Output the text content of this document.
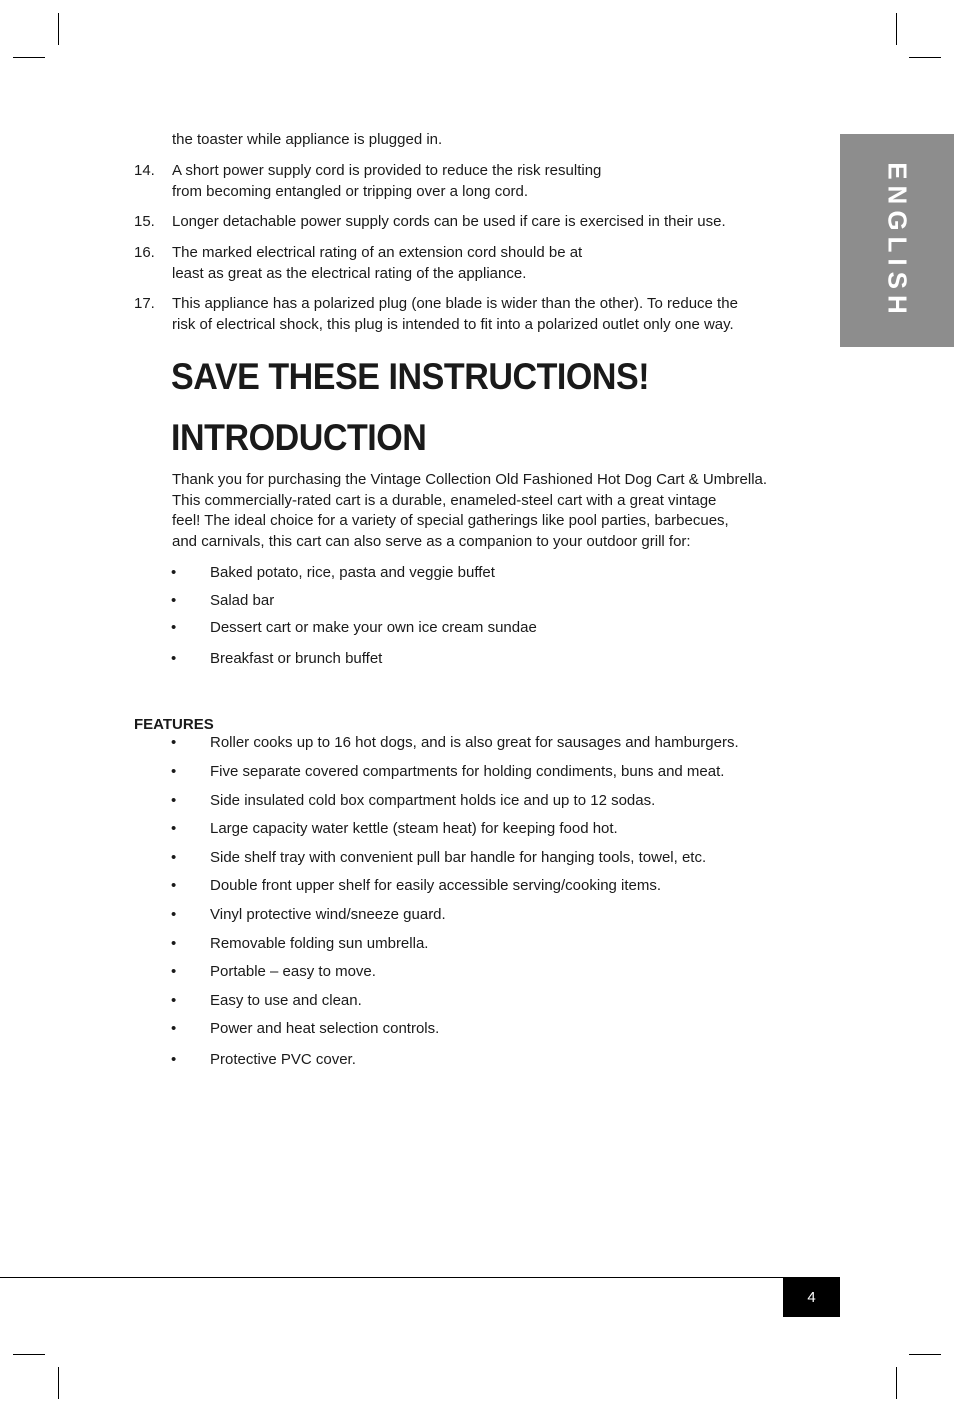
ENGLISH
the toaster while appliance is plugged in.
14. A short power supply cord is provided to reduce the risk resulting
from becoming entangled or tripping over a long cord.
15. Longer detachable power supply cords can be used if care is exercised in their use.
16. The marked electrical rating of an extension cord should be at
least as great as the electrical rating of the appliance.
17. This appliance has a polarized plug (one blade is wider than the other). To reduce the
risk of electrical shock, this plug is intended to fit into a polarized outlet only one way.
SAVE THESE INSTRUCTIONS!
INTRODUCTION
Thank you for purchasing the Vintage Collection Old Fashioned Hot Dog Cart & Umbrella.
This commercially-rated cart is a durable, enameled-steel cart with a great vintage
feel! The ideal choice for a variety of special gatherings like pool parties, barbecues,
and carnivals, this cart can also serve as a companion to your outdoor grill for:
• Baked potato, rice, pasta and veggie buffet
• Salad bar
• Dessert cart or make your own ice cream sundae
• Breakfast or brunch buffet
FEATURES
• Roller cooks up to 16 hot dogs, and is also great for sausages and hamburgers.
• Five separate covered compartments for holding condiments, buns and meat.
• Side insulated cold box compartment holds ice and up to 12 sodas.
• Large capacity water kettle (steam heat) for keeping food hot.
• Side shelf tray with convenient pull bar handle for hanging tools, towel, etc.
• Double front upper shelf for easily accessible serving/cooking items.
• Vinyl protective wind/sneeze guard.
• Removable folding sun umbrella.
• Portable – easy to move.
• Easy to use and clean.
• Power and heat selection controls.
• Protective PVC cover.
4
